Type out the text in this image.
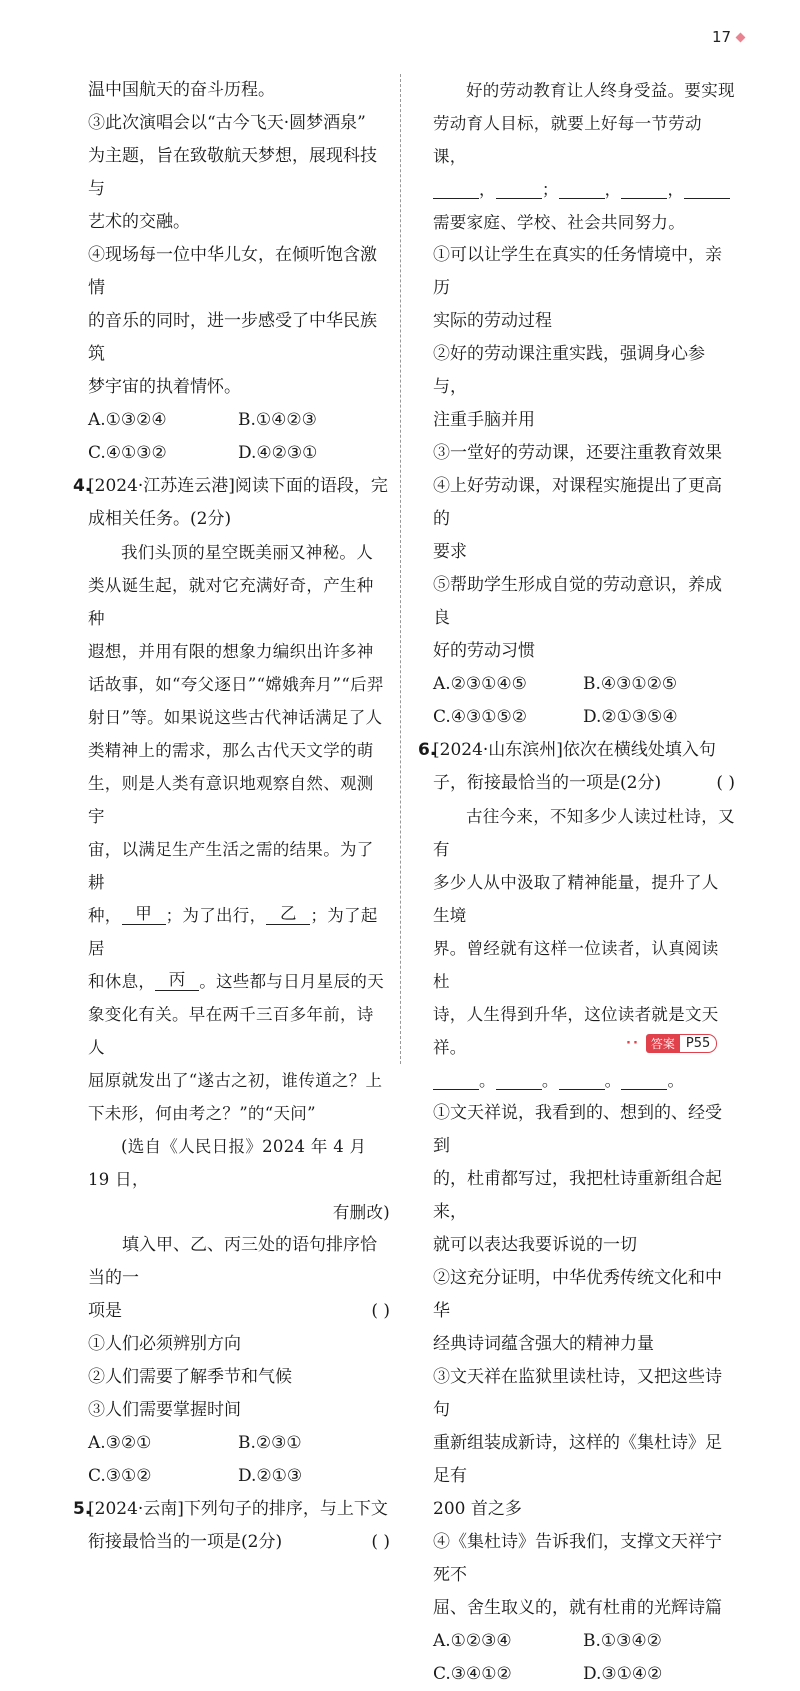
17
温中国航天的奋斗历程。
③此次演唱会以“古今飞天·圆梦酒泉”
为主题，旨在致敬航天梦想，展现科技与
艺术的交融。
④现场每一位中华儿女，在倾听饱含激情
的音乐的同时，进一步感受了中华民族筑
梦宇宙的执着情怀。
A.①③②④	B.①④②③
C.④①③②	D.④②③①
4.
[2024·江苏连云港]阅读下面的语段，完
成相关任务。(2分)
我们头顶的星空既美丽又神秘。人
类从诞生起，就对它充满好奇，产生种种
遐想，并用有限的想象力编织出许多神
话故事，如“夸父逐日”“嫦娥奔月”“后羿
射日”等。如果说这些古代神话满足了人
类精神上的需求，那么古代天文学的萌
生，则是人类有意识地观察自然、观测宇
宙，以满足生产生活之需的结果。为了耕
种， 甲 ；为了出行， 乙 ；为了起居
和休息， 丙 。这些都与日月星辰的天
象变化有关。早在两千三百多年前，诗人
屈原就发出了“遂古之初，谁传道之？上
下未形，何由考之？”的“天问”
(选自《人民日报》2024 年 4 月 19 日，
有删改)
填入甲、乙、丙三处的语句排序恰当的一
项是	( )
①人们必须辨别方向
②人们需要了解季节和气候
③人们需要掌握时间
A.③②①	B.②③①
C.③①②	D.②①③
5.
[2024·云南]下列句子的排序，与上下文
衔接最恰当的一项是(2分)	( )
好的劳动教育让人终身受益。要实现
劳动育人目标，就要上好每一节劳动课，
，	；	，	，
需要家庭、学校、社会共同努力。
①可以让学生在真实的任务情境中，亲历
实际的劳动过程
②好的劳动课注重实践，强调身心参与，
注重手脑并用
③一堂好的劳动课，还要注重教育效果
④上好劳动课，对课程实施提出了更高的
要求
⑤帮助学生形成自觉的劳动意识，养成良
好的劳动习惯
A.②③①④⑤	B.④③①②⑤
C.④③①⑤②	D.②①③⑤④
6.
[2024·山东滨州]依次在横线处填入句
子，衔接最恰当的一项是(2分)	( )
古往今来，不知多少人读过杜诗，又有
多少人从中汲取了精神能量，提升了人生境
界。曾经就有这样一位读者，认真阅读杜
诗，人生得到升华，这位读者就是文天祥。
。	。	。	。
①文天祥说，我看到的、想到的、经受到
的，杜甫都写过，我把杜诗重新组合起来，
就可以表达我要诉说的一切
②这充分证明，中华优秀传统文化和中华
经典诗词蕴含强大的精神力量
③文天祥在监狱里读杜诗，又把这些诗句
重新组装成新诗，这样的《集杜诗》足足有
200 首之多
④《集杜诗》告诉我们，支撑文天祥宁死不
屈、舍生取义的，就有杜甫的光辉诗篇
A.①②③④	B.①③④②
C.③④①②	D.③①④②
·· 答案 P55
